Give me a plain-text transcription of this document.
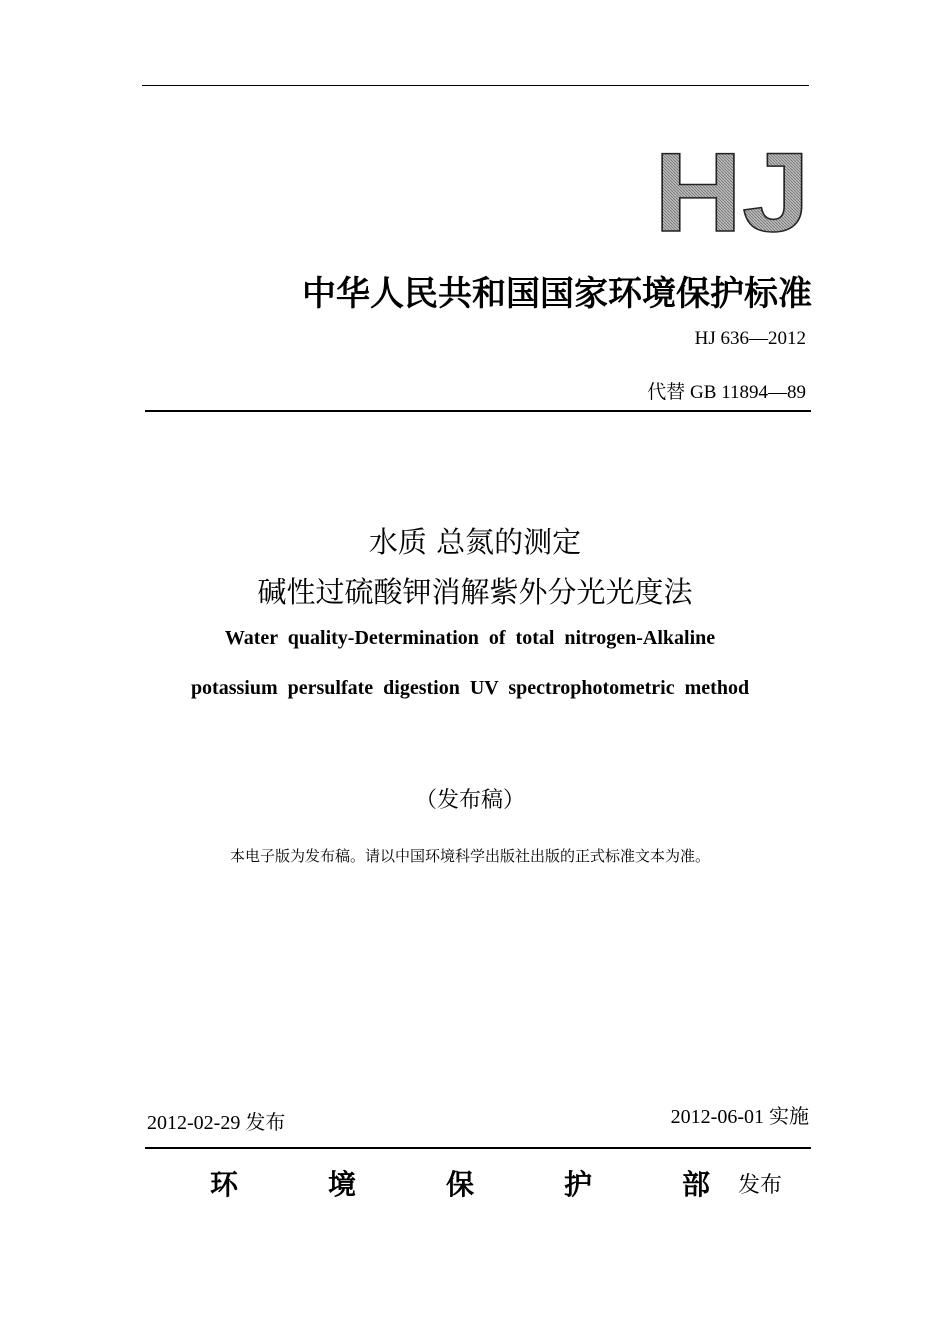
HJ
中华人民共和国国家环境保护标准
HJ 636—2012
代替 GB 11894—89
水质 总氮的测定
碱性过硫酸钾消解紫外分光光度法
Water quality-Determination of total nitrogen-Alkaline
potassium persulfate digestion UV spectrophotometric method
（发布稿）
本电子版为发布稿。请以中国环境科学出版社出版的正式标准文本为准。
2012-02-29 发布	2012-06-01 实施
环	境	保	护	部 发布
